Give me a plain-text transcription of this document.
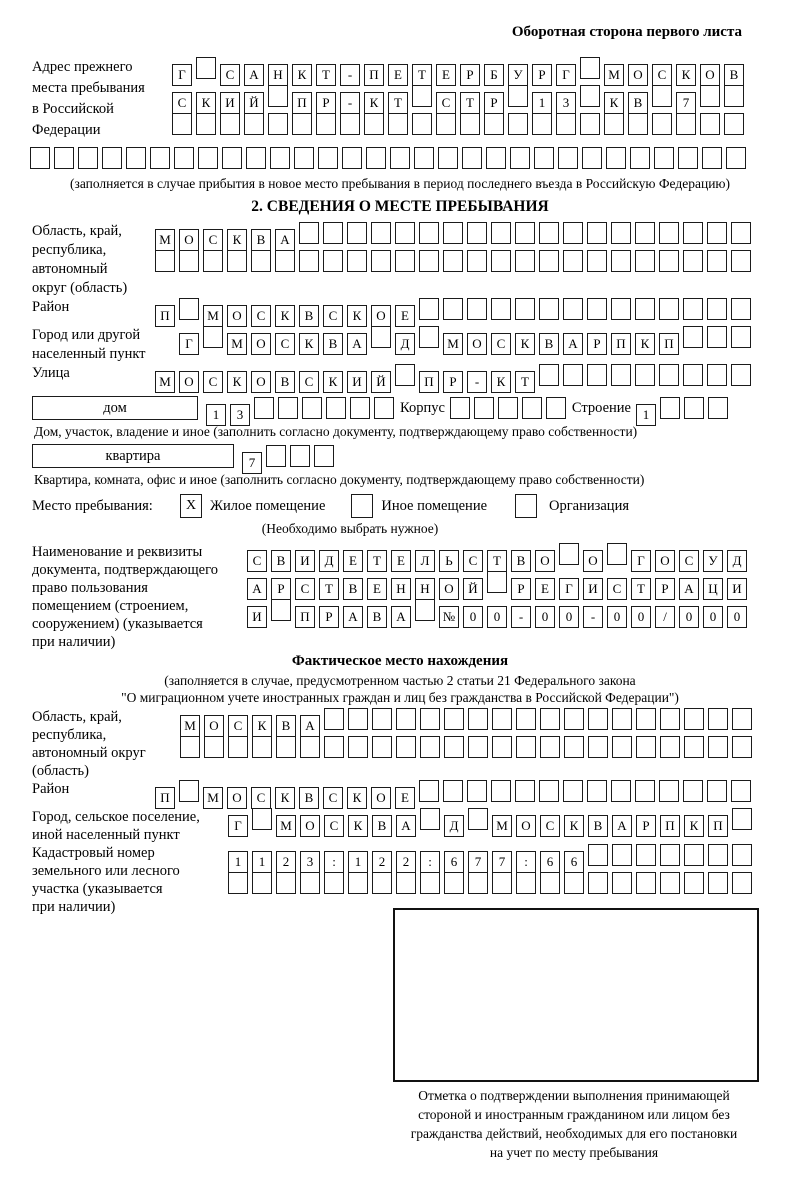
Оборотная сторона первого листа
Адрес прежнего
места пребывания
в Российской
Федерации
Г	С А Н К Т - П Е Т Е Р Б У Р Г	М О С К О В
С К И Й	П Р - К Т	С Т Р	1 3	К В	7
(заполняется в случае прибытия в новое место пребывания в период последнего въезда в Российскую Федерацию)
2. СВЕДЕНИЯ О МЕСТЕ ПРЕБЫВАНИЯ
Область, край,
республика,
автономный
округ (область)
М О С К В А
Район
П	М О С К В С К О Е
Город или другой
населенный пункт
Г	М О С К В А	Д	М О С К В А Р П К П
Улица
М О С К О В С К И Й	П Р - К Т
дом	1 3	Корпус	Строение 1
Дом, участок, владение и иное (заполнить согласно документу, подтверждающему право собственности)
квартира	7
Квартира, комната, офис и иное (заполнить согласно документу, подтверждающему право собственности)
Место пребывания:	X Жилое помещение	Иное помещение	Организация
(Необходимо выбрать нужное)
Наименование и реквизиты
документа, подтверждающего
право пользования
помещением (строением,
сооружением) (указывается
при наличии)
С В И Д Е Т Е Л Ь С Т В О	О	Г О С У Д
А Р С Т В Е Н Н О Й	Р Е Г И С Т Р А Ц И
И	П Р А В А	№ 0 0 - 0 0 - 0 0 / 0 0 0
Фактическое место нахождения
(заполняется в случае, предусмотренном частью 2 статьи 21 Федерального закона
"О миграционном учете иностранных граждан и лиц без гражданства в Российской Федерации")
Область, край,
республика,
автономный округ
(область)
М О С К В А
Район
П	М О С К В С К О Е
Город, сельское поселение,
иной населенный пункт
Г	М О С К В А	Д	М О С К В А Р П К П
Кадастровый номер
земельного или лесного
участка (указывается
при наличии)
1 1 2 3 : 1 2 2 : 6 7 7 : 6 6
Отметка о подтверждении выполнения принимающей
стороной и иностранным гражданином или лицом без
гражданства действий, необходимых для его постановки
на учет по месту пребывания
